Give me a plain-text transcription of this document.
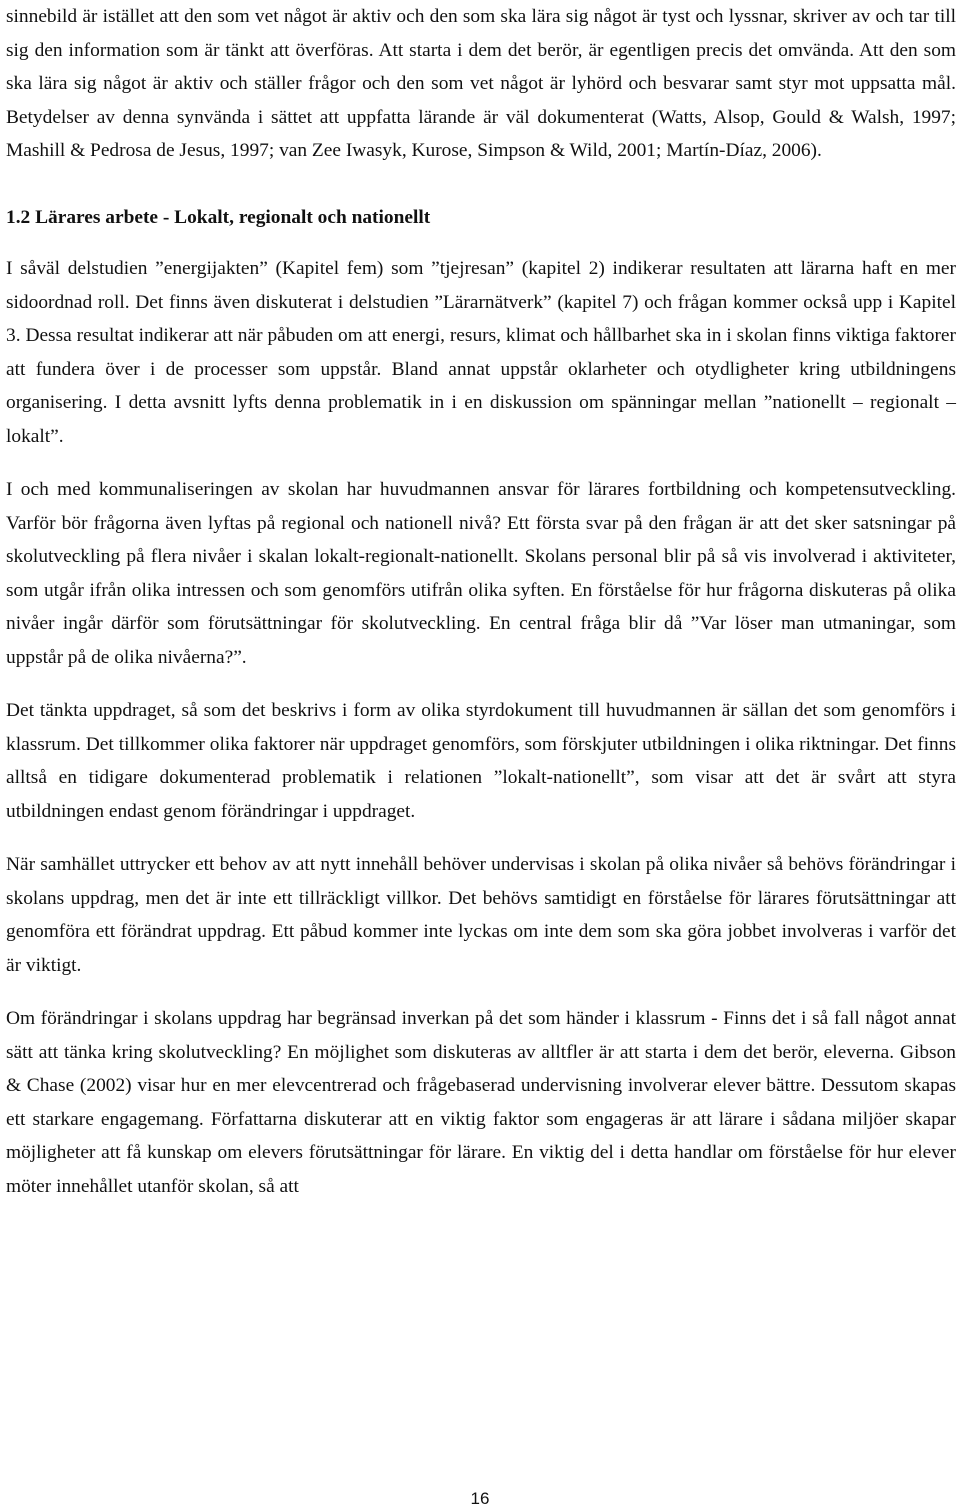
sinnebild är istället att den som vet något är aktiv och den som ska lära sig något är tyst och lyssnar, skriver av och tar till sig den information som är tänkt att överföras. Att starta i dem det berör, är egentligen precis det omvända. Att den som ska lära sig något är aktiv och ställer frågor och den som vet något är lyhörd och besvarar samt styr mot uppsatta mål. Betydelser av denna synvända i sättet att uppfatta lärande är väl dokumenterat (Watts, Alsop, Gould & Walsh, 1997; Mashill & Pedrosa de Jesus, 1997; van Zee Iwasyk, Kurose, Simpson & Wild, 2001; Martín-Díaz, 2006).

1.2 Lärares arbete - Lokalt, regionalt och nationellt

I såväl delstudien ”energijakten” (Kapitel fem) som ”tjejresan” (kapitel 2) indikerar resultaten att lärarna haft en mer sidoordnad roll. Det finns även diskuterat i delstudien ”Lärarnätverk” (kapitel 7) och frågan kommer också upp i Kapitel 3. Dessa resultat indikerar att när påbuden om att energi, resurs, klimat och hållbarhet ska in i skolan finns viktiga faktorer att fundera över i de processer som uppstår. Bland annat uppstår oklarheter och otydligheter kring utbildningens organisering. I detta avsnitt lyfts denna problematik in i en diskussion om spänningar mellan ”nationellt – regionalt – lokalt”.

I och med kommunaliseringen av skolan har huvudmannen ansvar för lärares fortbildning och kompetensutveckling. Varför bör frågorna även lyftas på regional och nationell nivå? Ett första svar på den frågan är att det sker satsningar på skolutveckling på flera nivåer i skalan lokalt-regionalt-nationellt. Skolans personal blir på så vis involverad i aktiviteter, som utgår ifrån olika intressen och som genomförs utifrån olika syften. En förståelse för hur frågorna diskuteras på olika nivåer ingår därför som förutsättningar för skolutveckling. En central fråga blir då ”Var löser man utmaningar, som uppstår på de olika nivåerna?”.

Det tänkta uppdraget, så som det beskrivs i form av olika styrdokument till huvudmannen är sällan det som genomförs i klassrum. Det tillkommer olika faktorer när uppdraget genomförs, som förskjuter utbildningen i olika riktningar. Det finns alltså en tidigare dokumenterad problematik i relationen ”lokalt-nationellt”, som visar att det är svårt att styra utbildningen endast genom förändringar i uppdraget.

När samhället uttrycker ett behov av att nytt innehåll behöver undervisas i skolan på olika nivåer så behövs förändringar i skolans uppdrag, men det är inte ett tillräckligt villkor. Det behövs samtidigt en förståelse för lärares förutsättningar att genomföra ett förändrat uppdrag. Ett påbud kommer inte lyckas om inte dem som ska göra jobbet involveras i varför det är viktigt.

Om förändringar i skolans uppdrag har begränsad inverkan på det som händer i klassrum - Finns det i så fall något annat sätt att tänka kring skolutveckling? En möjlighet som diskuteras av alltfler är att starta i dem det berör, eleverna. Gibson & Chase (2002) visar hur en mer elevcentrerad och frågebaserad undervisning involverar elever bättre. Dessutom skapas ett starkare engagemang. Författarna diskuterar att en viktig faktor som engageras är att lärare i sådana miljöer skapar möjligheter att få kunskap om elevers förutsättningar för lärare. En viktig del i detta handlar om förståelse för hur elever möter innehållet utanför skolan, så att

16
